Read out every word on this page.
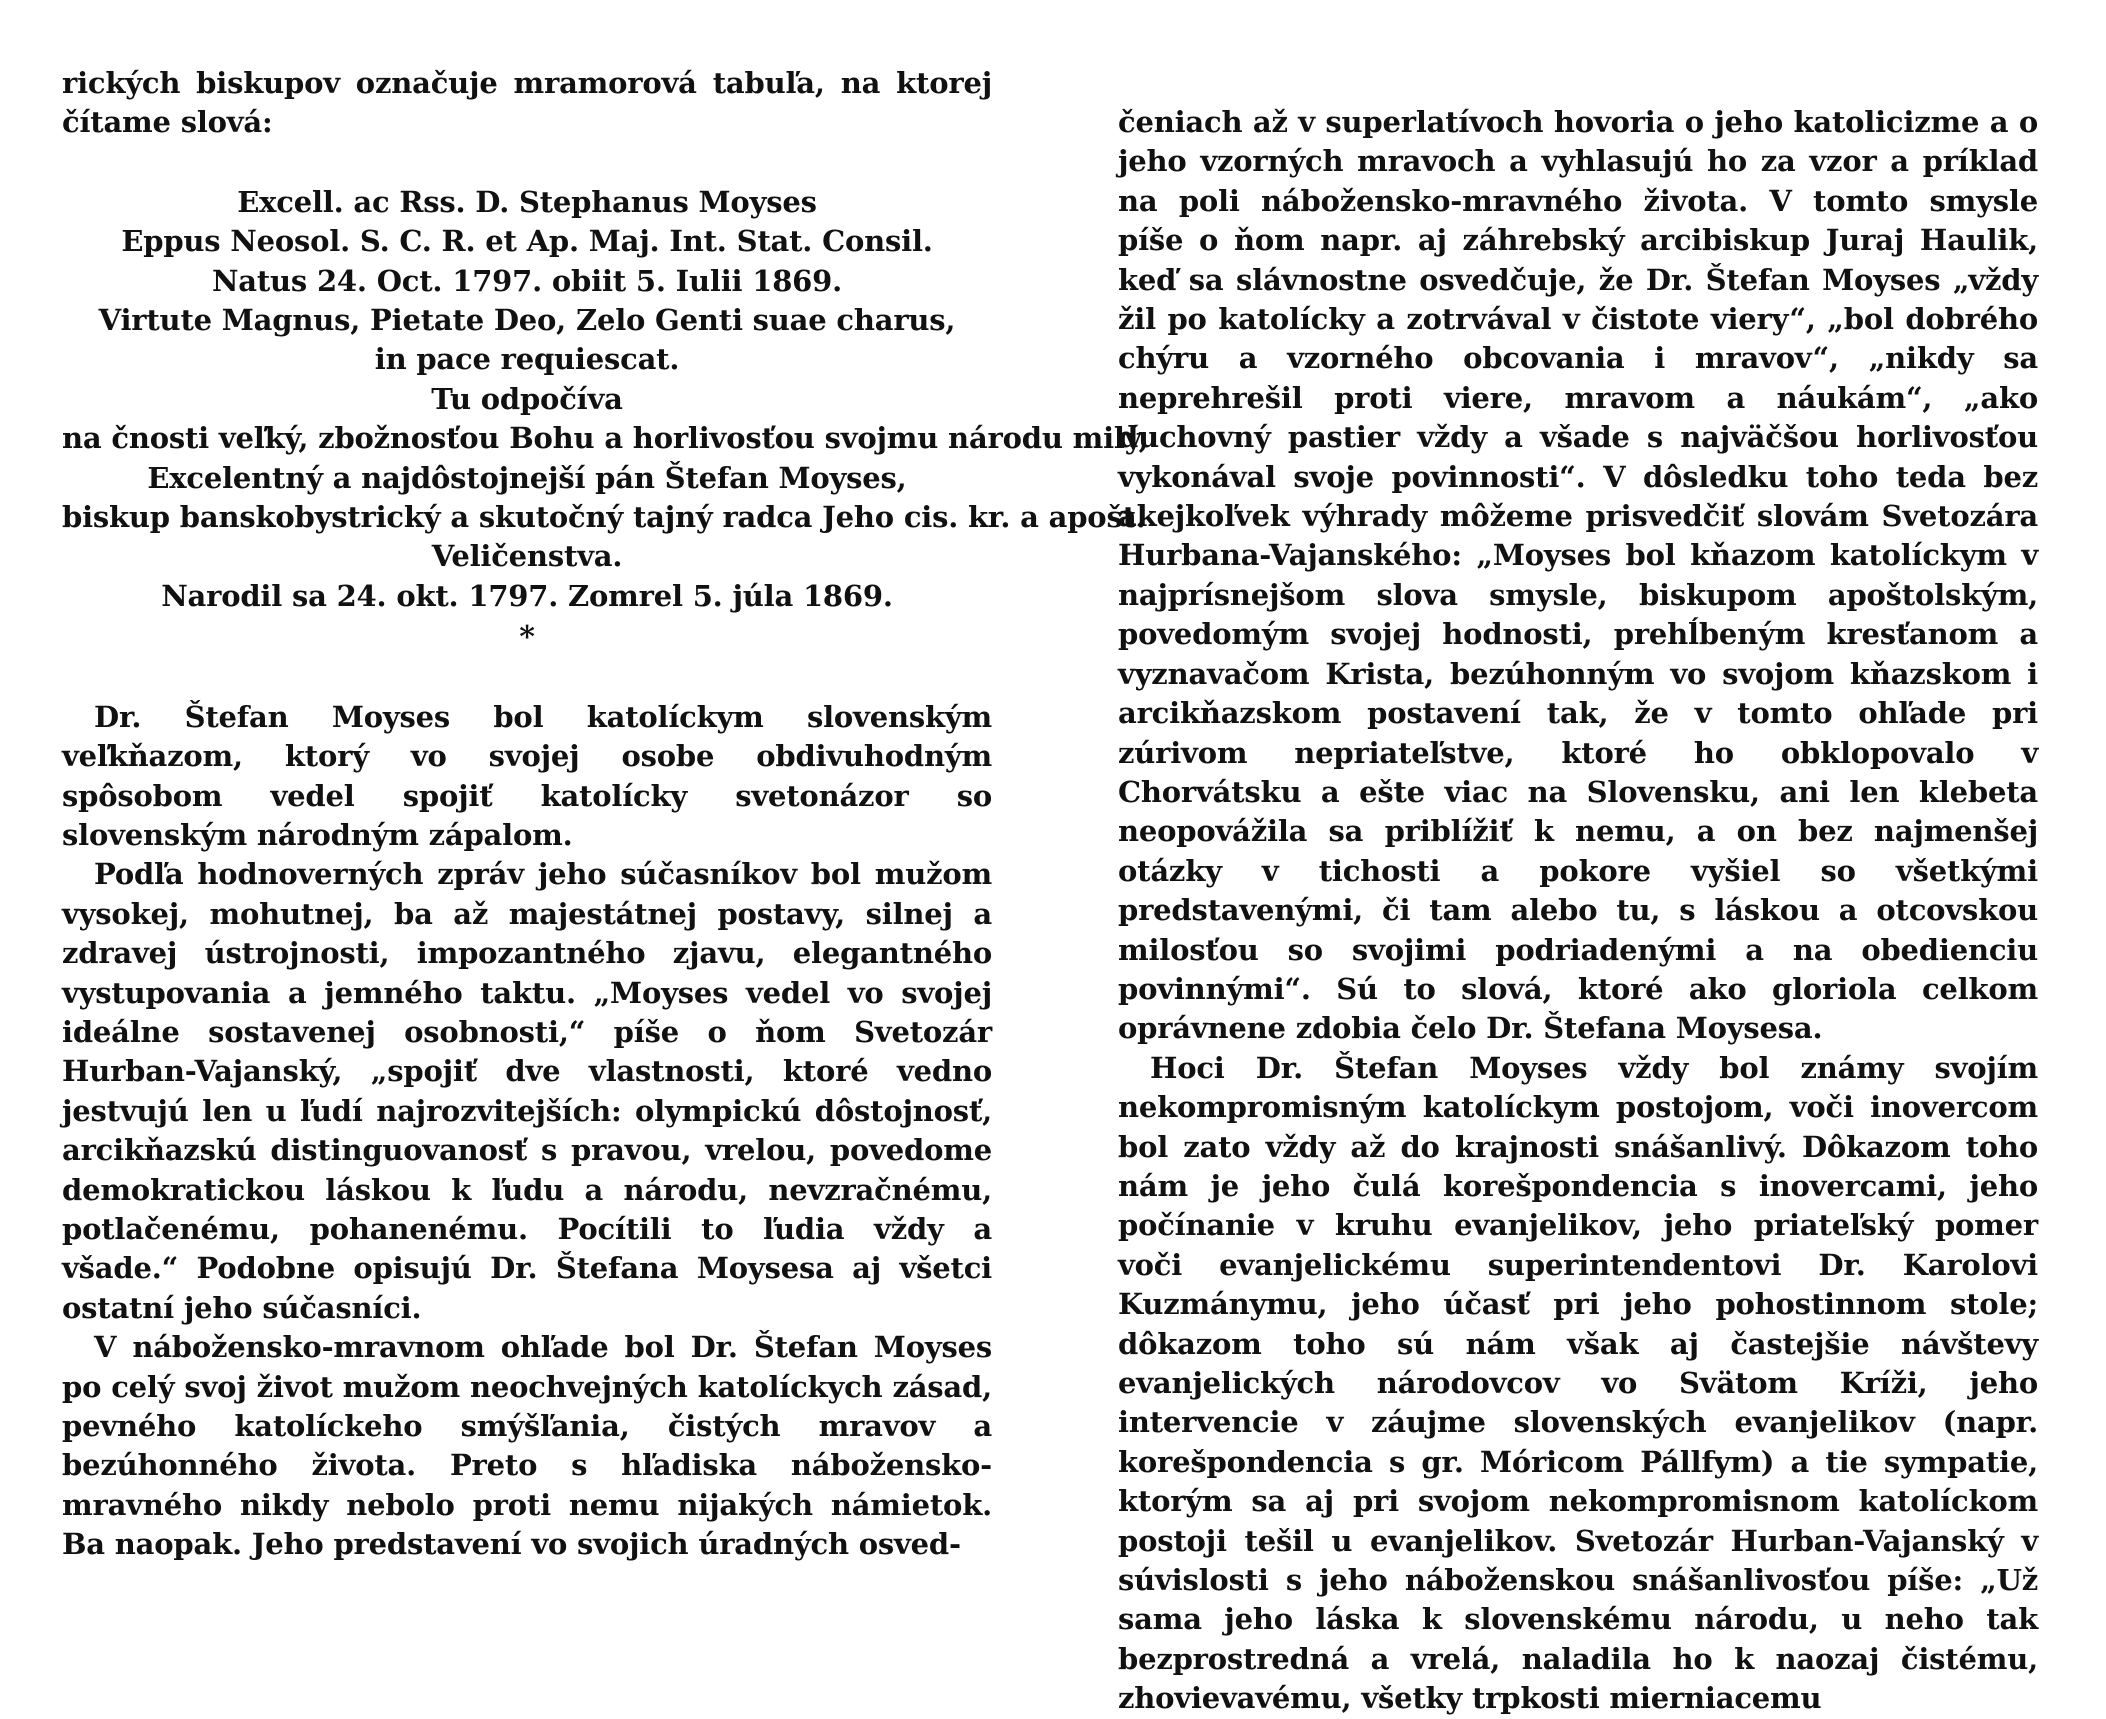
rických biskupov označuje mramorová tabuľa, na ktorej čítame slová:

Excell. ac Rss. D. Stephanus Moyses
Eppus Neosol. S. C. R. et Ap. Maj. Int. Stat. Consil.
Natus 24. Oct. 1797. obiit 5. Iulii 1869.
Virtute Magnus, Pietate Deo, Zelo Genti suae charus,
in pace requiescat.
Tu odpočíva
na čnosti veľký, zbožnosťou Bohu a horlivosťou svojmu národu milý,
Excelentný a najdôstojnejší pán Štefan Moyses,
biskup banskobystrický a skutočný tajný radca Jeho cis. kr. a apošt.
Veličenstva.
Narodil sa 24. okt. 1797. Zomrel 5. júla 1869.
*

Dr. Štefan Moyses bol katolíckym slovenským veľkňazom, ktorý vo svojej osobe obdivuhodným spôsobom vedel spojiť katolícky svetonázor so slovenským národným zápalom.

Podľa hodnoverných zpráv jeho súčasníkov bol mužom vysokej, mohutnej, ba až majestátnej postavy, silnej a zdravej ústrojnosti, impozantného zjavu, elegantného vystupovania a jemného taktu. „Moyses vedel vo svojej ideálne sostavenej osobnosti,“ píše o ňom Svetozár Hurban-Vajanský, „spojiť dve vlastnosti, ktoré vedno jestvujú len u ľudí najrozvitejších: olympickú dôstojnosť, arcikňazskú distinguovanosť s pravou, vrelou, povedome demokratickou láskou k ľudu a národu, nevzračnému, potlačenému, pohanenému. Pocítili to ľudia vždy a všade.“ Podobne opisujú Dr. Štefana Moysesa aj všetci ostatní jeho súčasníci.

V nábožensko-mravnom ohľade bol Dr. Štefan Moyses po celý svoj život mužom neochvejných katolíckych zásad, pevného katolíckeho smýšľania, čistých mravov a bezúhonného života. Preto s hľadiska nábožensko-mravného nikdy nebolo proti nemu nijakých námietok. Ba naopak. Jeho predstavení vo svojich úradných osved-

čeniach až v superlatívoch hovoria o jeho katolicizme a o jeho vzorných mravoch a vyhlasujú ho za vzor a príklad na poli nábožensko-mravného života. V tomto smysle píše o ňom napr. aj záhrebský arcibiskup Juraj Haulik, keď sa slávnostne osvedčuje, že Dr. Štefan Moyses „vždy žil po katolícky a zotrvával v čistote viery“, „bol dobrého chýru a vzorného obcovania i mravov“, „nikdy sa neprehrešil proti viere, mravom a náukám“, „ako duchovný pastier vždy a všade s najväčšou horlivosťou vykonával svoje povinnosti“. V dôsledku toho teda bez akejkoľvek výhrady môžeme prisvedčiť slovám Svetozára Hurbana-Vajanského: „Moyses bol kňazom katolíckym v najprísnejšom slova smysle, biskupom apoštolským, povedomým svojej hodnosti, prehĺbeným kresťanom a vyznavačom Krista, bezúhonným vo svojom kňazskom i arcikňazskom postavení tak, že v tomto ohľade pri zúrivom nepriateľstve, ktoré ho obklopovalo v Chorvátsku a ešte viac na Slovensku, ani len klebeta neopovážila sa priblížiť k nemu, a on bez najmenšej otázky v tichosti a pokore vyšiel so všetkými predstavenými, či tam alebo tu, s láskou a otcovskou milosťou so svojimi podriadenými a na obedienciu povinnými“. Sú to slová, ktoré ako gloriola celkom oprávnene zdobia čelo Dr. Štefana Moysesa.

Hoci Dr. Štefan Moyses vždy bol známy svojím nekompromisným katolíckym postojom, voči inovercom bol zato vždy až do krajnosti snášanlivý. Dôkazom toho nám je jeho čulá korešpondencia s inovercami, jeho počínanie v kruhu evanjelikov, jeho priateľský pomer voči evanjelickému superintendentovi Dr. Karolovi Kuzmánymu, jeho účasť pri jeho pohostinnom stole; dôkazom toho sú nám však aj častejšie návštevy evanjelických národovcov vo Svätom Kríži, jeho intervencie v záujme slovenských evanjelikov (napr. korešpondencia s gr. Móricom Pállfym) a tie sympatie, ktorým sa aj pri svojom nekompromisnom katolíckom postoji tešil u evanjelikov. Svetozár Hurban-Vajanský v súvislosti s jeho náboženskou snášanlivosťou píše: „Už sama jeho láska k slovenskému národu, u neho tak bezprostredná a vrelá, naladila ho k naozaj čistému, zhovievavému, všetky trpkosti mierniacemu
